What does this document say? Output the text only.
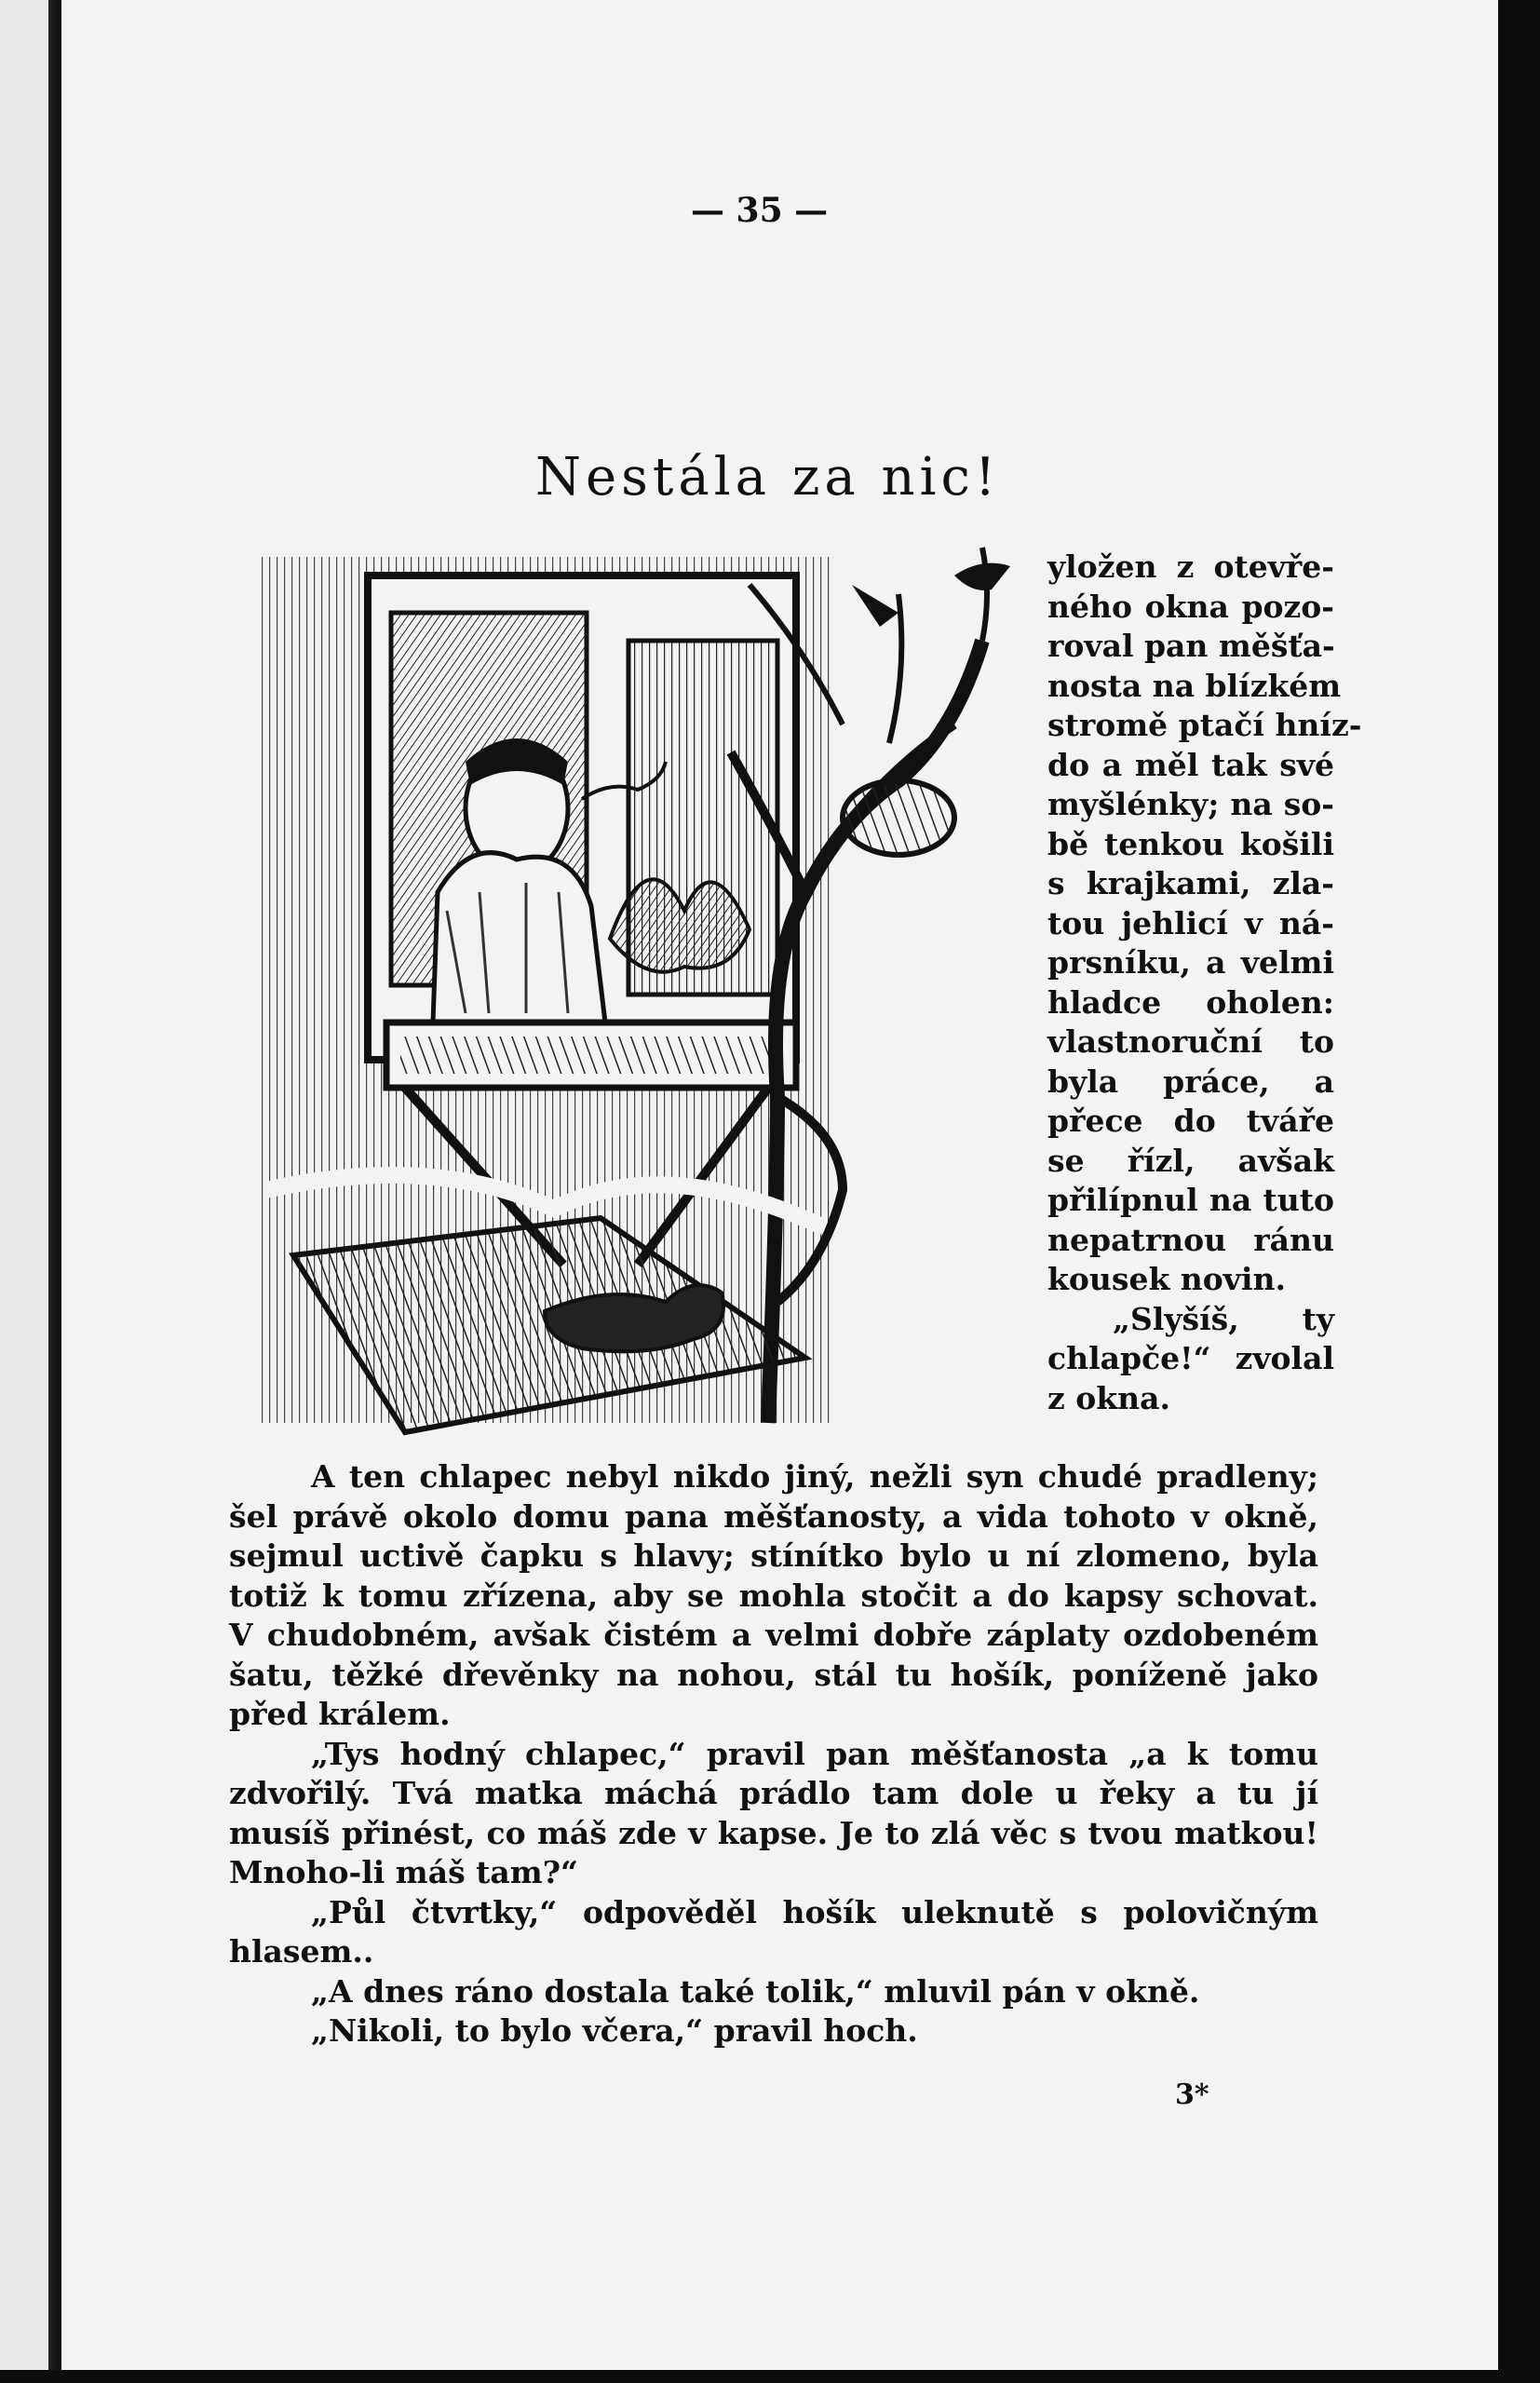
— 35 —
Nestála za nic!
yložen z otevře-
ného okna pozo-
roval pan měšťa-
nosta na blízkém
stromě ptačí hníz-
do a měl tak své
myšlénky; na so-
bě tenkou košili
s krajkami, zla-
tou jehlicí v ná-
prsníku, a velmi
hladce oholen:
vlastnoruční to
byla práce, a
přece do tváře
se řízl, avšak
přilípnul na tuto
nepatrnou ránu
kousek novin.
„Slyšíš, ty
chlapče!“ zvolal
z okna.
A ten chlapec nebyl nikdo jiný, nežli syn chudé pradleny;
šel právě okolo domu pana měšťanosty, a vida tohoto v okně,
sejmul uctivě čapku s hlavy; stínítko bylo u ní zlomeno, byla
totiž k tomu zřízena, aby se mohla stočit a do kapsy schovat.
V chudobném, avšak čistém a velmi dobře záplaty ozdobeném
šatu, těžké dřevěnky na nohou, stál tu hošík, poníženě jako
před králem.
„Tys hodný chlapec,“ pravil pan měšťanosta „a k tomu
zdvořilý. Tvá matka máchá prádlo tam dole u řeky a tu jí
musíš přinést, co máš zde v kapse. Je to zlá věc s tvou matkou!
Mnoho-li máš tam?“
„Půl čtvrtky,“ odpověděl hošík uleknutě s polovičným
hlasem..
„A dnes ráno dostala také tolik,“ mluvil pán v okně.
„Nikoli, to bylo včera,“ pravil hoch.
3*
